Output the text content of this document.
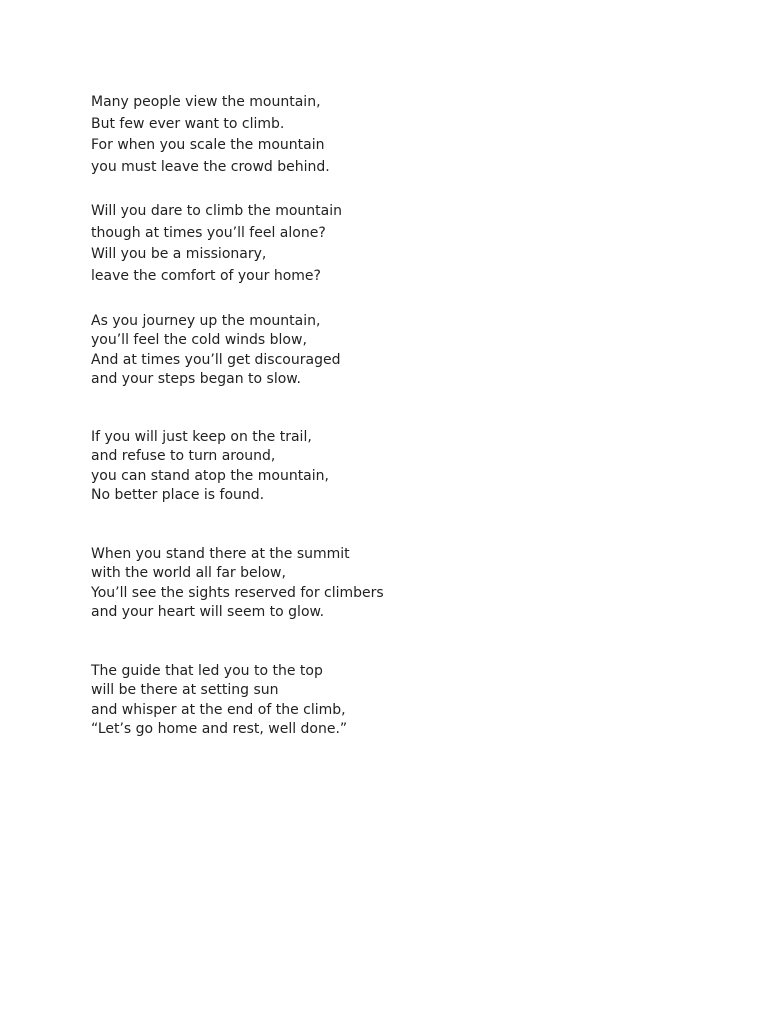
Many people view the mountain,
But few ever want to climb.
For when you scale the mountain
you must leave the crowd behind.
Will you dare to climb the mountain
though at times you’ll feel alone?
Will you be a missionary,
leave the comfort of your home?
As you journey up the mountain,
you’ll feel the cold winds blow,
And at times you’ll get discouraged
and your steps began to slow.
If you will just keep on the trail,
and refuse to turn around,
you can stand atop the mountain,
No better place is found.
When you stand there at the summit
with the world all far below,
You’ll see the sights reserved for climbers
and your heart will seem to glow.
The guide that led you to the top
will be there at setting sun
and whisper at the end of the climb,
“Let’s go home and rest, well done.”
